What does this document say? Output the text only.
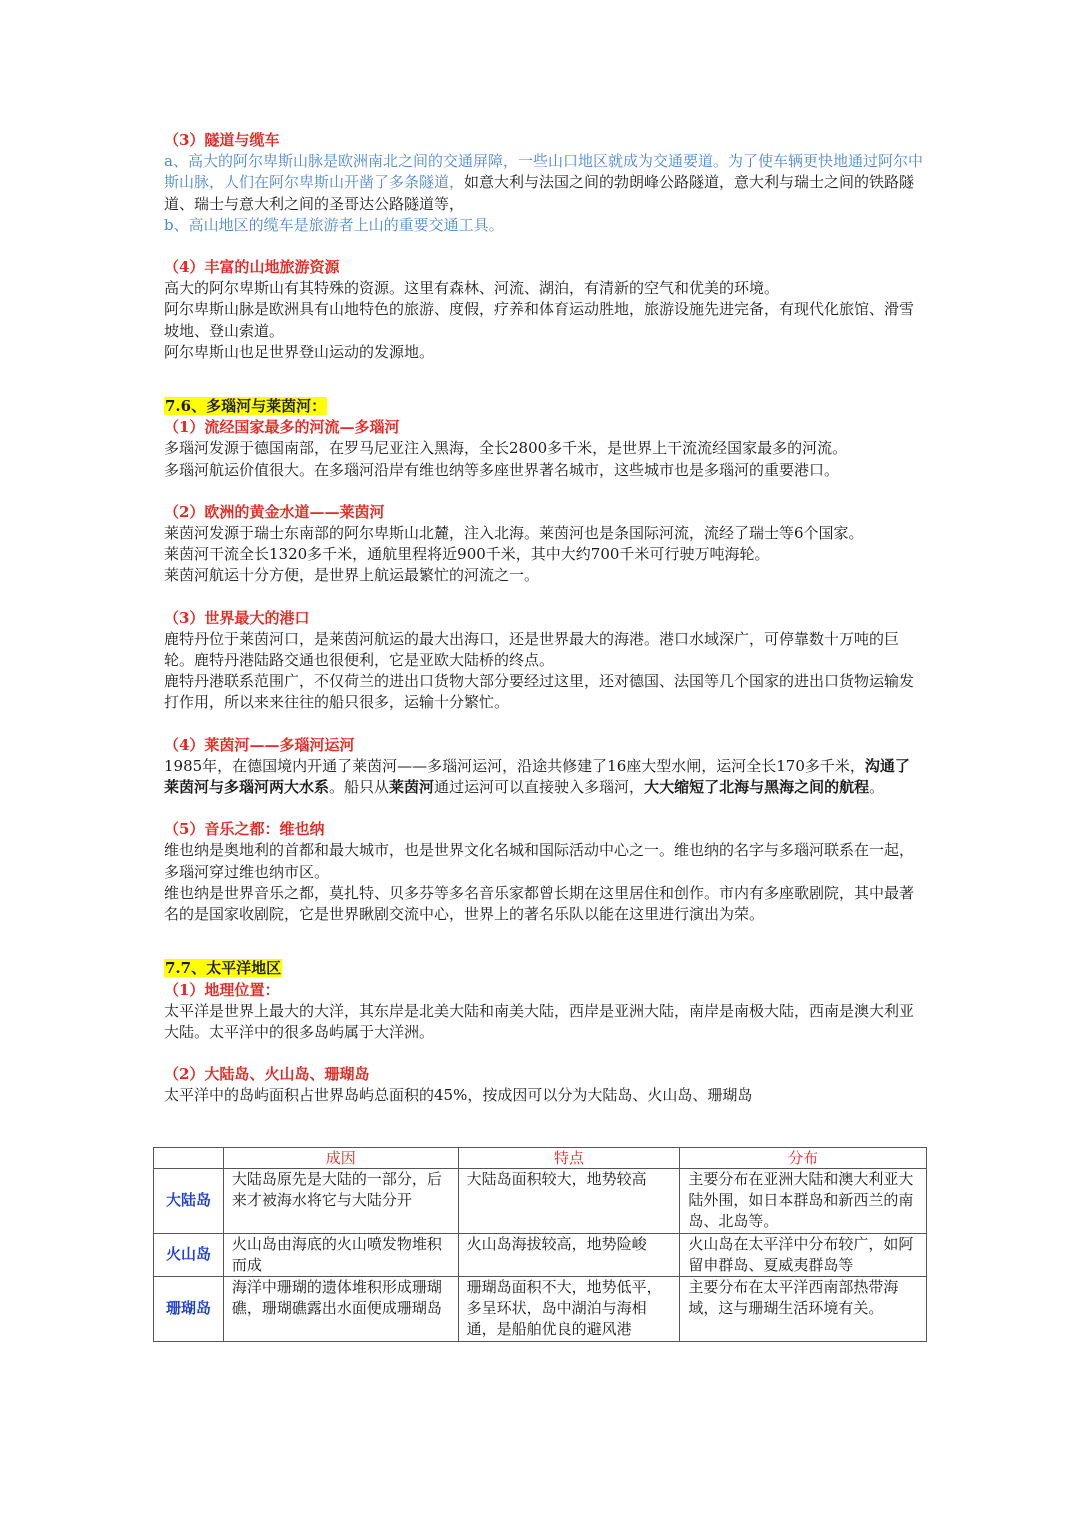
（3）隧道与缆车

a、高大的阿尔卑斯山脉是欧洲南北之间的交通屏障，一些山口地区就成为交通要道。为了使车辆更快地通过阿尔中斯山脉，人们在阿尔卑斯山开凿了多条隧道，如意大利与法国之间的勃朗峰公路隧道，意大利与瑞士之间的铁路隧道、瑞士与意大利之间的圣哥达公路隧道等，

b、高山地区的缆车是旅游者上山的重要交通工具。

（4）丰富的山地旅游资源

高大的阿尔卑斯山有其特殊的资源。这里有森林、河流、湖泊，有清新的空气和优美的环境。

阿尔卑斯山脉是欧洲具有山地特色的旅游、度假，疗养和体育运动胜地，旅游设施先进完备，有现代化旅馆、滑雪坡地、登山索道。

阿尔卑斯山也足世界登山运动的发源地。

7.6、多瑙河与莱茵河：

（1）流经国家最多的河流—多瑙河

多瑙河发源于德国南部，在罗马尼亚注入黑海，全长2800多千米，是世界上干流流经国家最多的河流。

多瑙河航运价值很大。在多瑙河沿岸有维也纳等多座世界著名城市，这些城市也是多瑙河的重要港口。

（2）欧洲的黄金水道——莱茵河

莱茵河发源于瑞士东南部的阿尔卑斯山北麓，注入北海。莱茵河也是条国际河流，流经了瑞士等6个国家。

莱茵河干流全长1320多千米，通航里程将近900千米，其中大约700千米可行驶万吨海轮。

莱茵河航运十分方便，是世界上航运最繁忙的河流之一。

（3）世界最大的港口

鹿特丹位于莱茵河口，是莱茵河航运的最大出海口，还是世界最大的海港。港口水域深广，可停靠数十万吨的巨轮。鹿特丹港陆路交通也很便利，它是亚欧大陆桥的终点。

鹿特丹港联系范围广，不仅荷兰的进出口货物大部分要经过这里，还对德国、法国等几个国家的进出口货物运输发打作用，所以来来往往的船只很多，运输十分繁忙。

（4）莱茵河——多瑙河运河

1985年，在德国境内开通了莱茵河——多瑙河运河，沿途共修建了16座大型水闸，运河全长170多千米，沟通了莱茵河与多瑙河两大水系。船只从莱茵河通过运河可以直接驶入多瑙河，大大缩短了北海与黑海之间的航程。

（5）音乐之都：维也纳

维也纳是奥地利的首都和最大城市，也是世界文化名城和国际活动中心之一。维也纳的名字与多瑙河联系在一起，多瑙河穿过维也纳市区。

维也纳是世界音乐之都，莫扎特、贝多芬等多名音乐家都曾长期在这里居住和创作。市内有多座歌剧院，其中最著名的是国家收剧院，它是世界瞅剧交流中心，世界上的著名乐队以能在这里进行演出为荣。

7.7、太平洋地区

（1）地理位置：

太平洋是世界上最大的大洋，其东岸是北美大陆和南美大陆，西岸是亚洲大陆，南岸是南极大陆，西南是澳大利亚大陆。太平洋中的很多岛屿属于大洋洲。

（2）大陆岛、火山岛、珊瑚岛

太平洋中的岛屿面积占世界岛屿总面积的45%，按成因可以分为大陆岛、火山岛、珊瑚岛

	成因	特点	分布
大陆岛	大陆岛原先是大陆的一部分，后来才被海水将它与大陆分开	大陆岛面积较大，地势较高	主要分布在亚洲大陆和澳大利亚大陆外围，如日本群岛和新西兰的南岛、北岛等。
火山岛	火山岛由海底的火山喷发物堆积而成	火山岛海拔较高，地势险峻	火山岛在太平洋中分布较广，如阿留申群岛、夏威夷群岛等
珊瑚岛	海洋中珊瑚的遗体堆积形成珊瑚礁，珊瑚礁露出水面便成珊瑚岛	珊瑚岛面积不大，地势低平，多呈环状，岛中湖泊与海相通，是船舶优良的避风港	主要分布在太平洋西南部热带海域，这与珊瑚生活环境有关。
